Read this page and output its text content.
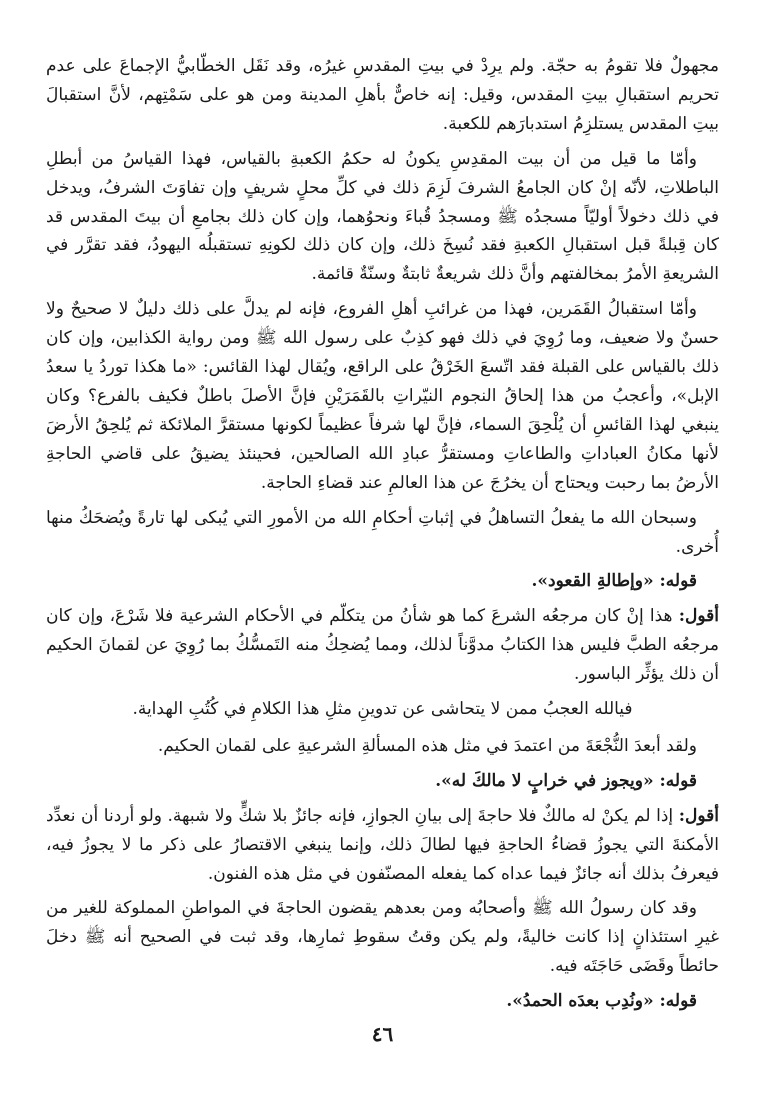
مجهولٌ فلا تقومُ به حجّة. ولم يرِدْ في بيتِ المقدسِ غيرُه، وقد نَقَل الخطّابيُّ الإجماعَ على عدم تحريم استقبالِ بيتِ المقدس، وقيل: إنه خاصٌّ بأهلِ المدينة ومن هو على سَمْتِهم، لأنَّ استقبالَ بيتِ المقدس يستلزِمُ استدبارَهم للكعبة.

وأمّا ما قيل من أن بيت المقدِسِ يكونُ له حكمُ الكعبةِ بالقياس، فهذا القياسُ من أبطلِ الباطلاتِ، لأنّه إنْ كان الجامعُ الشرفَ لَزِمَ ذلك في كلِّ محلٍ شريفٍ وإن تفاوَتَ الشرفُ، ويدخل في ذلك دخولاً أوليّاً مسجدُه ﷺ ومسجدُ قُباءَ ونحوُهما، وإن كان ذلك بجامعِ أن بيتَ المقدس قد كان قِبلةً قبل استقبالِ الكعبةِ فقد نُسِخَ ذلك، وإن كان ذلك لكونِهِ تستقبلُه اليهودُ، فقد تقرَّر في الشريعةِ الأمرُ بمخالفتهم وأنَّ ذلك شريعةٌ ثابتةٌ وسنّةٌ قائمة.

وأمّا استقبالُ القَمَرين، فهذا من غرائبِ أهلِ الفروع، فإنه لم يدلَّ على ذلك دليلٌ لا صحيحٌ ولا حسنٌ ولا ضعيف، وما رُوِيَ في ذلك فهو كذِبٌ على رسول الله ﷺ ومن رواية الكذابين، وإن كان ذلك بالقياس على القبلة فقد اتّسعَ الخَرْقُ على الراقع، ويُقال لهذا القائس: «ما هكذا توردُ يا سعدُ الإبل»، وأعجبُ من هذا إلحاقُ النجوم النيّراتِ بالقَمَرَيْنِ فإنَّ الأصلَ باطلٌ فكيف بالفرع؟ وكان ينبغي لهذا القائسِ أن يُلْحِقَ السماء، فإنَّ لها شرفاً عظيماً لكونها مستقرَّ الملائكة ثم يُلحِقُ الأرضَ لأنها مكانُ العباداتِ والطاعاتِ ومستقرُّ عبادِ الله الصالحين، فحينئذ يضيقُ على قاضي الحاجةِ الأرضُ بما رحبت ويحتاج أن يخرُجَ عن هذا العالمِ عند قضاءِ الحاجة.

وسبحان الله ما يفعلُ التساهلُ في إثباتِ أحكامِ الله من الأمورِ التي يُبكى لها تارةً ويُضحَكُ منها أُخرى.

قوله: «وإطالةِ القعود».

أقول: هذا إنْ كان مرجعُه الشرعَ كما هو شأنُ من يتكلّم في الأحكام الشرعية فلا شَرْعَ، وإن كان مرجعُه الطبَّ فليس هذا الكتابُ مدوَّناً لذلك، ومما يُضحِكُ منه التَمسُّكُ بما رُوِيَ عن لقمانَ الحكيم أن ذلك يؤثِّر الباسور.

فيالله العجبُ ممن لا يتحاشى عن تدوينِ مثلِ هذا الكلامِ في كُتُبِ الهداية.

ولقد أبعدَ النُّجْعَةَ من اعتمدَ في مثل هذه المسألةِ الشرعيةِ على لقمان الحكيم.

قوله: «ويجوز في خرابٍ لا مالكَ له».

أقول: إذا لم يكنْ له مالكٌ فلا حاجةَ إلى بيانِ الجوازِ، فإنه جائزٌ بلا شكٍّ ولا شبهة. ولو أردنا أن نعدِّد الأمكنةَ التي يجوزُ قضاءُ الحاجةِ فيها لطالَ ذلك، وإنما ينبغي الاقتصارُ على ذكر ما لا يجوزُ فيه، فيعرفُ بذلك أنه جائزٌ فيما عداه كما يفعله المصنّفون في مثل هذه الفنون.

وقد كان رسولُ الله ﷺ وأصحابُه ومن بعدهم يقضون الحاجةَ في المواطنِ المملوكة للغير من غيرِ استئذانٍ إذا كانت خاليةً، ولم يكن وقتُ سقوطِ ثمارِها، وقد ثبت في الصحيح أنه ﷺ دخلَ حائطاً وقَضَى حَاجَتَه فيه.

قوله: «ونُدِب بعدَه الحمدُ».

٤٦
